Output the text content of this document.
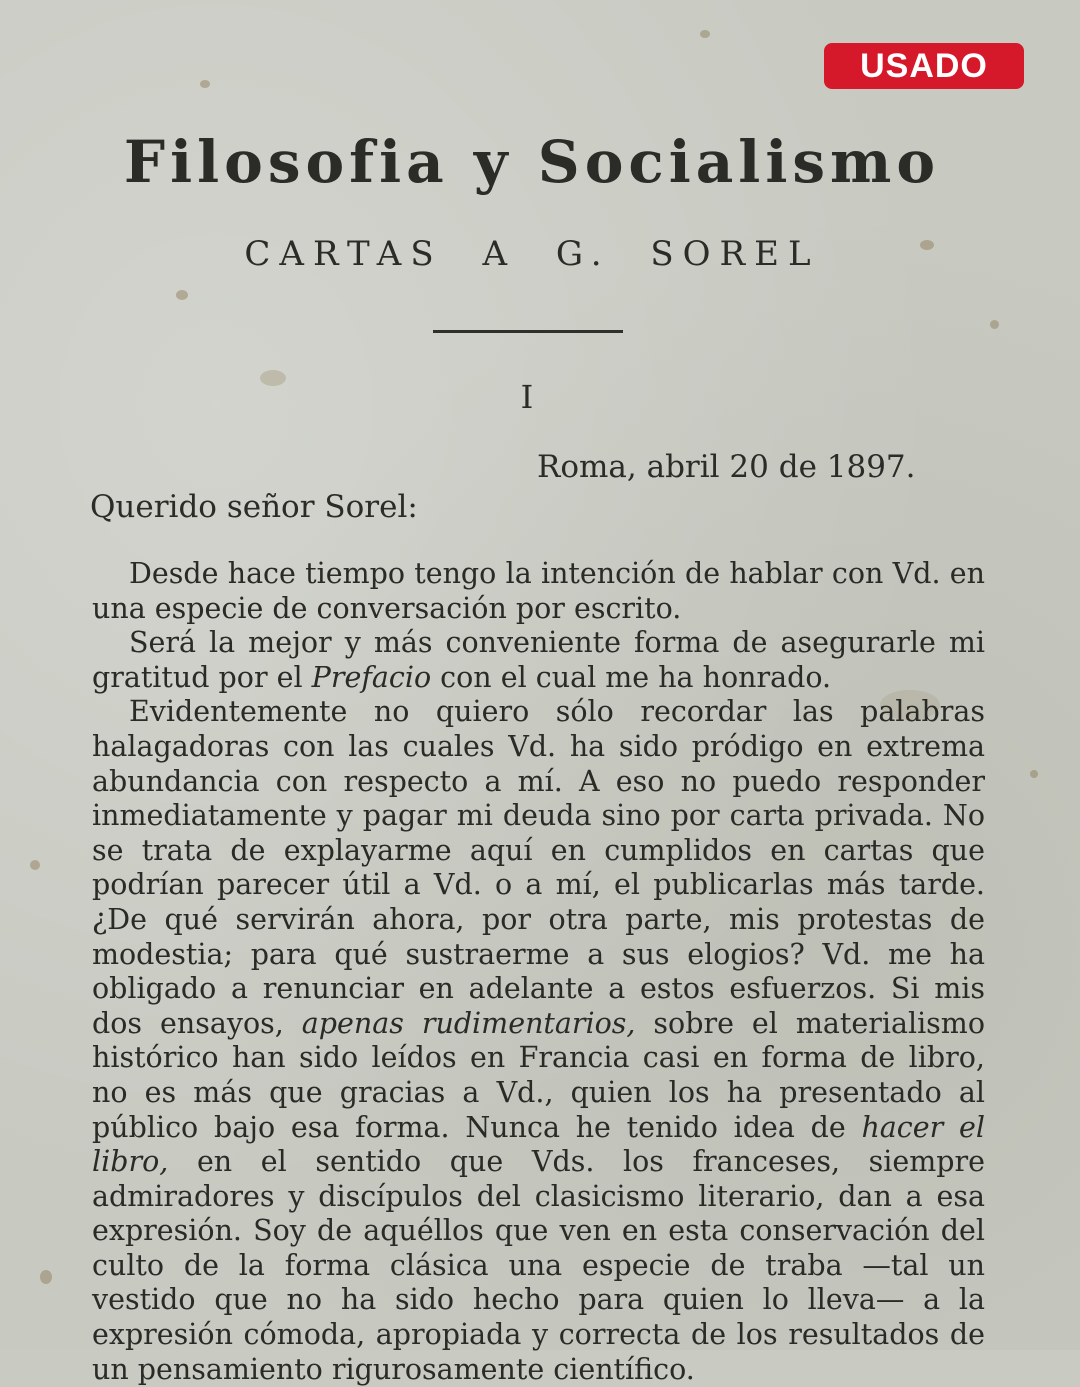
USADO
Filosofia y Socialismo
CARTAS A G. SOREL
I
Roma, abril 20 de 1897.
Querido señor Sorel:

Desde hace tiempo tengo la intención de hablar con Vd. en una especie de conversación por escrito.

Será la mejor y más conveniente forma de asegurarle mi gratitud por el Prefacio con el cual me ha honrado.

Evidentemente no quiero sólo recordar las palabras halagadoras con las cuales Vd. ha sido pródigo en extrema abundancia con respecto a mí. A eso no puedo responder inmediatamente y pagar mi deuda sino por carta privada. No se trata de explayarme aquí en cumplidos en cartas que podrían parecer útil a Vd. o a mí, el publicarlas más tarde. ¿De qué servirán ahora, por otra parte, mis protestas de modestia; para qué sustraerme a sus elogios? Vd. me ha obligado a renunciar en adelante a estos esfuerzos. Si mis dos ensayos, apenas rudimentarios, sobre el materialismo histórico han sido leídos en Francia casi en forma de libro, no es más que gracias a Vd., quien los ha presentado al público bajo esa forma. Nunca he tenido idea de hacer el libro, en el sentido que Vds. los franceses, siempre admiradores y discípulos del clasicismo literario, dan a esa expresión. Soy de aquéllos que ven en esta conservación del culto de la forma clásica una especie de traba —tal un vestido que no ha sido hecho para quien lo lleva— a la expresión cómoda, apropiada y correcta de los resultados de un pensamiento rigurosamente científico.
